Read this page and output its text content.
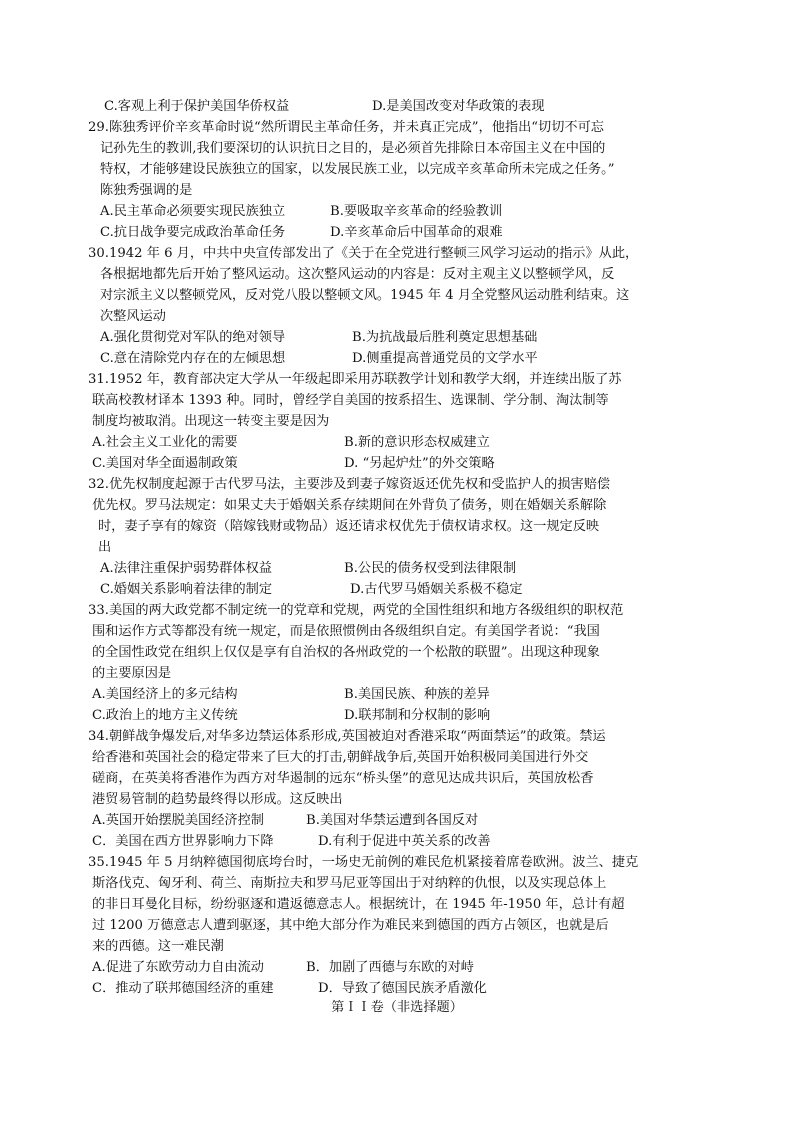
C.客观上利于保护美国华侨权益	D.是美国改变对华政策的表现
29.陈独秀评价辛亥革命时说“然所谓民主革命任务，并未真正完成”，他指出“切切不可忘
记孙先生的教训,我们要深切的认识抗日之目的，是必须首先排除日本帝国主义在中国的
特权，才能够建设民族独立的国家，以发展民族工业，以完成辛亥革命所未完成之任务。”
陈独秀强调的是
A.民主革命必须要实现民族独立	B.要吸取辛亥革命的经验教训
C.抗日战争要完成政治革命任务	D.辛亥革命后中国革命的艰难
30.1942 年 6 月，中共中央宣传部发出了《关于在全党进行整顿三风学习运动的指示》从此，
各根据地都先后开始了整风运动。这次整风运动的内容是：反对主观主义以整顿学风，反
对宗派主义以整顿党风，反对党八股以整顿文风。1945 年 4 月全党整风运动胜利结束。这
次整风运动
A.强化贯彻党对军队的绝对领导	B.为抗战最后胜利奠定思想基础
C.意在清除党内存在的左倾思想	D.侧重提高普通党员的文学水平
31.1952 年，教育部决定大学从一年级起即采用苏联教学计划和教学大纲，并连续出版了苏
联高校教材译本 1393 种。同时，曾经学自美国的按系招生、选课制、学分制、淘汰制等
制度均被取消。出现这一转变主要是因为
A.社会主义工业化的需要	B.新的意识形态权威建立
C.美国对华全面遏制政策	D. “另起炉灶”的外交策略
32.优先权制度起源于古代罗马法，主要涉及到妻子嫁资返还优先权和受监护人的损害赔偿
优先权。罗马法规定：如果丈夫于婚姻关系存续期间在外背负了债务，则在婚姻关系解除
时，妻子享有的嫁资（陪嫁钱财或物品）返还请求权优先于债权请求权。这一规定反映
出
A.法律注重保护弱势群体权益	B.公民的债务权受到法律限制
C.婚姻关系影响着法律的制定	D.古代罗马婚姻关系极不稳定
33.美国的两大政党都不制定统一的党章和党规，两党的全国性组织和地方各级组织的职权范
围和运作方式等都没有统一规定，而是依照惯例由各级组织自定。有美国学者说：“我国
的全国性政党在组织上仅仅是享有自治权的各州政党的一个松散的联盟”。出现这种现象
的主要原因是
A.美国经济上的多元结构	B.美国民族、种族的差异
C.政治上的地方主义传统	D.联邦制和分权制的影响
34.朝鲜战争爆发后,对华多边禁运体系形成,英国被迫对香港采取“两面禁运”的政策。禁运
给香港和英国社会的稳定带来了巨大的打击,朝鲜战争后,英国开始积极同美国进行外交
磋商，在英美将香港作为西方对华遏制的远东“桥头堡”的意见达成共识后，英国放松香
港贸易管制的趋势最终得以形成。这反映出
A.英国开始摆脱美国经济控制	B.美国对华禁运遭到各国反对
C．美国在西方世界影响力下降	D.有利于促进中英关系的改善
35.1945 年 5 月纳粹德国彻底垮台时，一场史无前例的难民危机紧接着席卷欧洲。波兰、捷克
斯洛伐克、匈牙利、荷兰、南斯拉夫和罗马尼亚等国出于对纳粹的仇恨，以及实现总体上
的非日耳曼化目标，纷纷驱逐和遣返德意志人。根据统计，在 1945 年-1950 年，总计有超
过 1200 万德意志人遭到驱逐，其中绝大部分作为难民来到德国的西方占领区，也就是后
来的西德。这一难民潮
A.促进了东欧劳动力自由流动	B．加剧了西德与东欧的对峙
C．推动了联邦德国经济的重建	D．导致了德国民族矛盾激化
第ＩＩ卷（非选择题）
